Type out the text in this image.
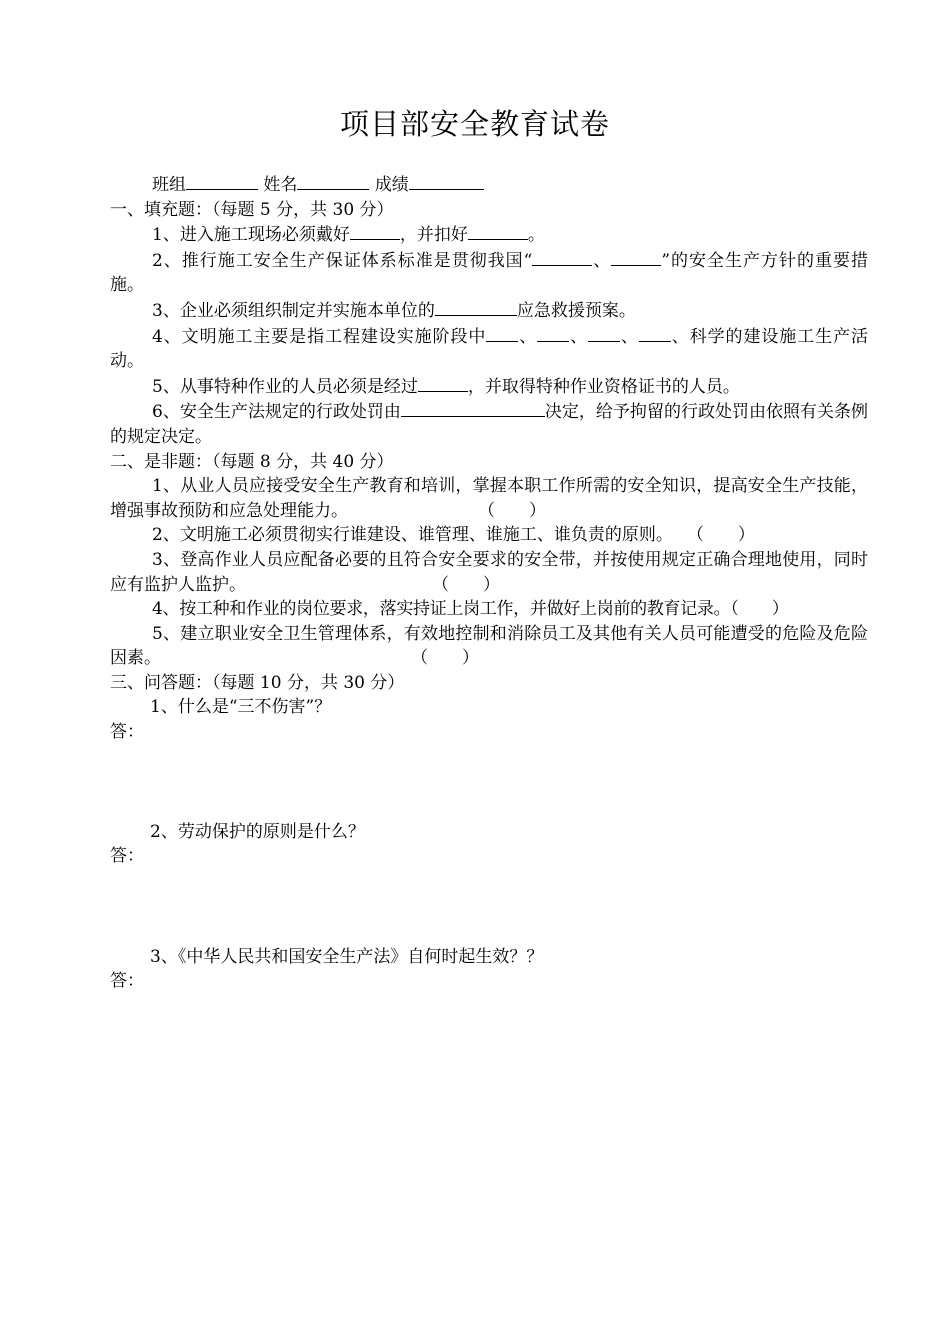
项目部安全教育试卷

班组	姓名	成绩

一、填充题：（每题 5 分，共 30 分）

1、进入施工现场必须戴好	，并扣好	。

2、推行施工安全生产保证体系标准是贯彻我国“	、	”的安全生产方针的重要措施。

3、企业必须组织制定并实施本单位的	应急救援预案。

4、文明施工主要是指工程建设实施阶段中 、 、 、 、科学的建设施工生产活动。

5、从事特种作业的人员必须是经过	，并取得特种作业资格证书的人员。

6、安全生产法规定的行政处罚由	决定，给予拘留的行政处罚由依照有关条例的规定决定。

二、是非题：（每题 8 分，共 40 分）

1、从业人员应接受安全生产教育和培训，掌握本职工作所需的安全知识，提高安全生产技能，增强事故预防和应急处理能力。	（　　）

2、文明施工必须贯彻实行谁建设、谁管理、谁施工、谁负责的原则。 （　　）

3、登高作业人员应配备必要的且符合安全要求的安全带，并按使用规定正确合理地使用，同时应有监护人监护。	（　　）

4、按工种和作业的岗位要求，落实持证上岗工作，并做好上岗前的教育记录。（　　）

5、建立职业安全卫生管理体系，有效地控制和消除员工及其他有关人员可能遭受的危险及危险因素。	（　　）

三、问答题：（每题 10 分，共 30 分）

1、什么是“三不伤害”？

答：

2、劳动保护的原则是什么？

答：

3、《中华人民共和国安全生产法》自何时起生效？？

答：
